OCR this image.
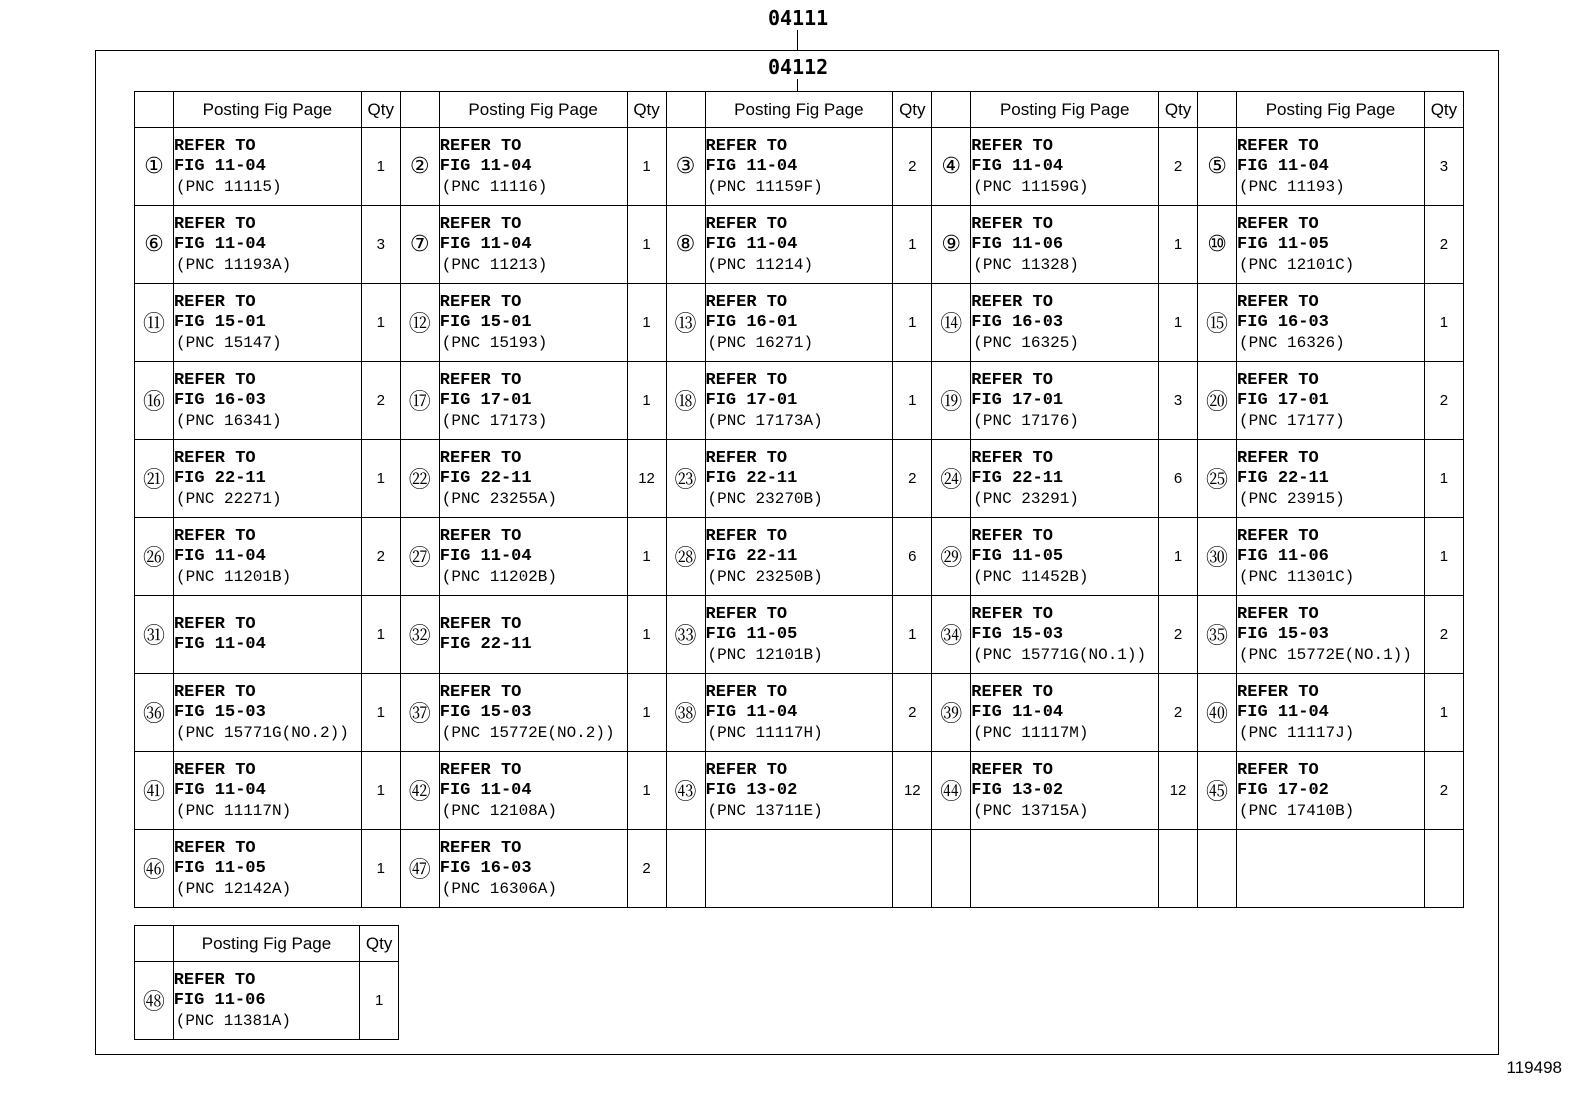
04111
04112
	Posting Fig Page	Qty		Posting Fig Page	Qty		Posting Fig Page	Qty		Posting Fig Page	Qty		Posting Fig Page	Qty
①	REFER TO
FIG 11-04
(PNC 11115)	1	②	REFER TO
FIG 11-04
(PNC 11116)	1	③	REFER TO
FIG 11-04
(PNC 11159F)	2	④	REFER TO
FIG 11-04
(PNC 11159G)	2	⑤	REFER TO
FIG 11-04
(PNC 11193)	3
⑥	REFER TO
FIG 11-04
(PNC 11193A)	3	⑦	REFER TO
FIG 11-04
(PNC 11213)	1	⑧	REFER TO
FIG 11-04
(PNC 11214)	1	⑨	REFER TO
FIG 11-06
(PNC 11328)	1	⑩	REFER TO
FIG 11-05
(PNC 12101C)	2
⑪	REFER TO
FIG 15-01
(PNC 15147)	1	⑫	REFER TO
FIG 15-01
(PNC 15193)	1	⑬	REFER TO
FIG 16-01
(PNC 16271)	1	⑭	REFER TO
FIG 16-03
(PNC 16325)	1	⑮	REFER TO
FIG 16-03
(PNC 16326)	1
⑯	REFER TO
FIG 16-03
(PNC 16341)	2	⑰	REFER TO
FIG 17-01
(PNC 17173)	1	⑱	REFER TO
FIG 17-01
(PNC 17173A)	1	⑲	REFER TO
FIG 17-01
(PNC 17176)	3	⑳	REFER TO
FIG 17-01
(PNC 17177)	2
㉑	REFER TO
FIG 22-11
(PNC 22271)	1	㉒	REFER TO
FIG 22-11
(PNC 23255A)	12	㉓	REFER TO
FIG 22-11
(PNC 23270B)	2	㉔	REFER TO
FIG 22-11
(PNC 23291)	6	㉕	REFER TO
FIG 22-11
(PNC 23915)	1
㉖	REFER TO
FIG 11-04
(PNC 11201B)	2	㉗	REFER TO
FIG 11-04
(PNC 11202B)	1	㉘	REFER TO
FIG 22-11
(PNC 23250B)	6	㉙	REFER TO
FIG 11-05
(PNC 11452B)	1	㉚	REFER TO
FIG 11-06
(PNC 11301C)	1
㉛	REFER TO
FIG 11-04	1	㉜	REFER TO
FIG 22-11	1	㉝	REFER TO
FIG 11-05
(PNC 12101B)	1	㉞	REFER TO
FIG 15-03
(PNC 15771G(NO.1))	2	㉟	REFER TO
FIG 15-03
(PNC 15772E(NO.1))	2
㊱	REFER TO
FIG 15-03
(PNC 15771G(NO.2))	1	㊲	REFER TO
FIG 15-03
(PNC 15772E(NO.2))	1	㊳	REFER TO
FIG 11-04
(PNC 11117H)	2	㊴	REFER TO
FIG 11-04
(PNC 11117M)	2	㊵	REFER TO
FIG 11-04
(PNC 11117J)	1
㊶	REFER TO
FIG 11-04
(PNC 11117N)	1	㊷	REFER TO
FIG 11-04
(PNC 12108A)	1	㊸	REFER TO
FIG 13-02
(PNC 13711E)	12	㊹	REFER TO
FIG 13-02
(PNC 13715A)	12	㊺	REFER TO
FIG 17-02
(PNC 17410B)	2
㊻	REFER TO
FIG 11-05
(PNC 12142A)	1	㊼	REFER TO
FIG 16-03
(PNC 16306A)	2									
	Posting Fig Page	Qty
㊽	REFER TO
FIG 11-06
(PNC 11381A)	1
119498
